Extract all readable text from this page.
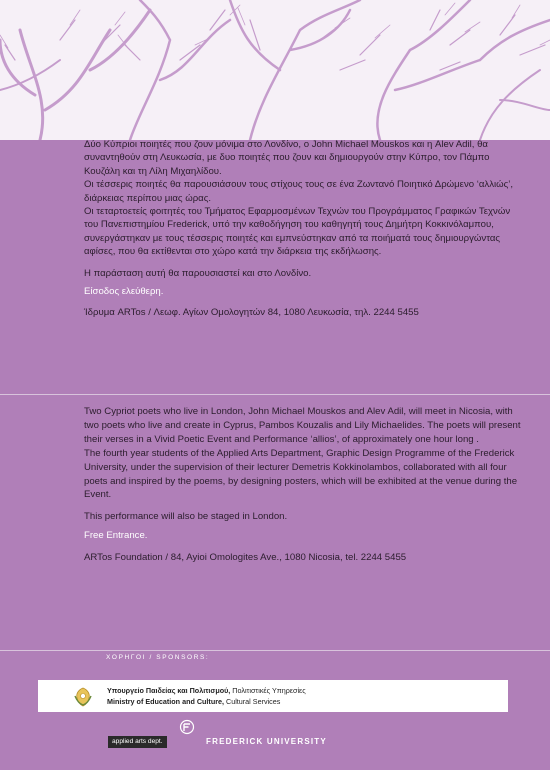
Δύο Κύπριοι ποιητές που ζουν μόνιμα στο Λονδίνο, ο John Michael Mouskos και η Alev Adil, θα συναντηθούν στη Λευκωσία, με δυο ποιητές που ζουν και δημιουργούν στην Κύπρο, τον Πάμπο Κουζάλη και τη Λίλη Μιχαηλίδου.

Οι τέσσερις ποιητές θα παρουσιάσουν τους στίχους τους σε ένα Ζωντανό Ποιητικό Δρώμενο ‘αλλιώς’, διάρκειας περίπου μιας ώρας.

Οι τεταρτοετείς φοιτητές του Τμήματος Εφαρμοσμένων Τεχνών του Προγράμματος Γραφικών Τεχνών του Πανεπιστημίου Frederick, υπό την καθοδήγηση του καθηγητή τους Δημήτρη Κοκκινόλαμπου, συνεργάστηκαν με τους τέσσερις ποιητές και εμπνεύστηκαν από τα ποιήματά τους δημιουργώντας αφίσες, που θα εκτίθενται στο χώρο κατά την διάρκεια της εκδήλωσης.

Η παράσταση αυτή θα παρουσιαστεί και στο Λονδίνο.

Είσοδος ελεύθερη.

Ίδρυμα ARTos / Λεωφ. Αγίων Ομολογητών 84, 1080 Λευκωσία, τηλ. 2244 5455

Two Cypriot poets who live in London, John Michael Mouskos and Alev Adil, will meet in Nicosia, with two poets who live and create in Cyprus, Pambos Kouzalis and Lily Michaelides. The poets will present their verses in a Vivid Poetic Event and Performance ‘allios’, of approximately one hour long .

The fourth year students of the Applied Arts Department, Graphic Design Programme of the Frederick University, under the supervision of their lecturer Demetris Kokkinolambos, collaborated with all four poets and inspired by the poems, by designing posters, which will be exhibited at the venue during the Event.

This performance will also be staged in London.

Free Entrance.

ARTos Foundation / 84, Ayioi Omologites Ave., 1080 Nicosia, tel. 2244 5455

ΧΟΡΗΓΟΙ / SPONSORS:
Υπουργείο Παιδείας και Πολιτισμού, Πολιτιστικές Υπηρεσίες
Ministry of Education and Culture, Cultural Services
applied arts dept.	FREDERICK UNIVERSITY
